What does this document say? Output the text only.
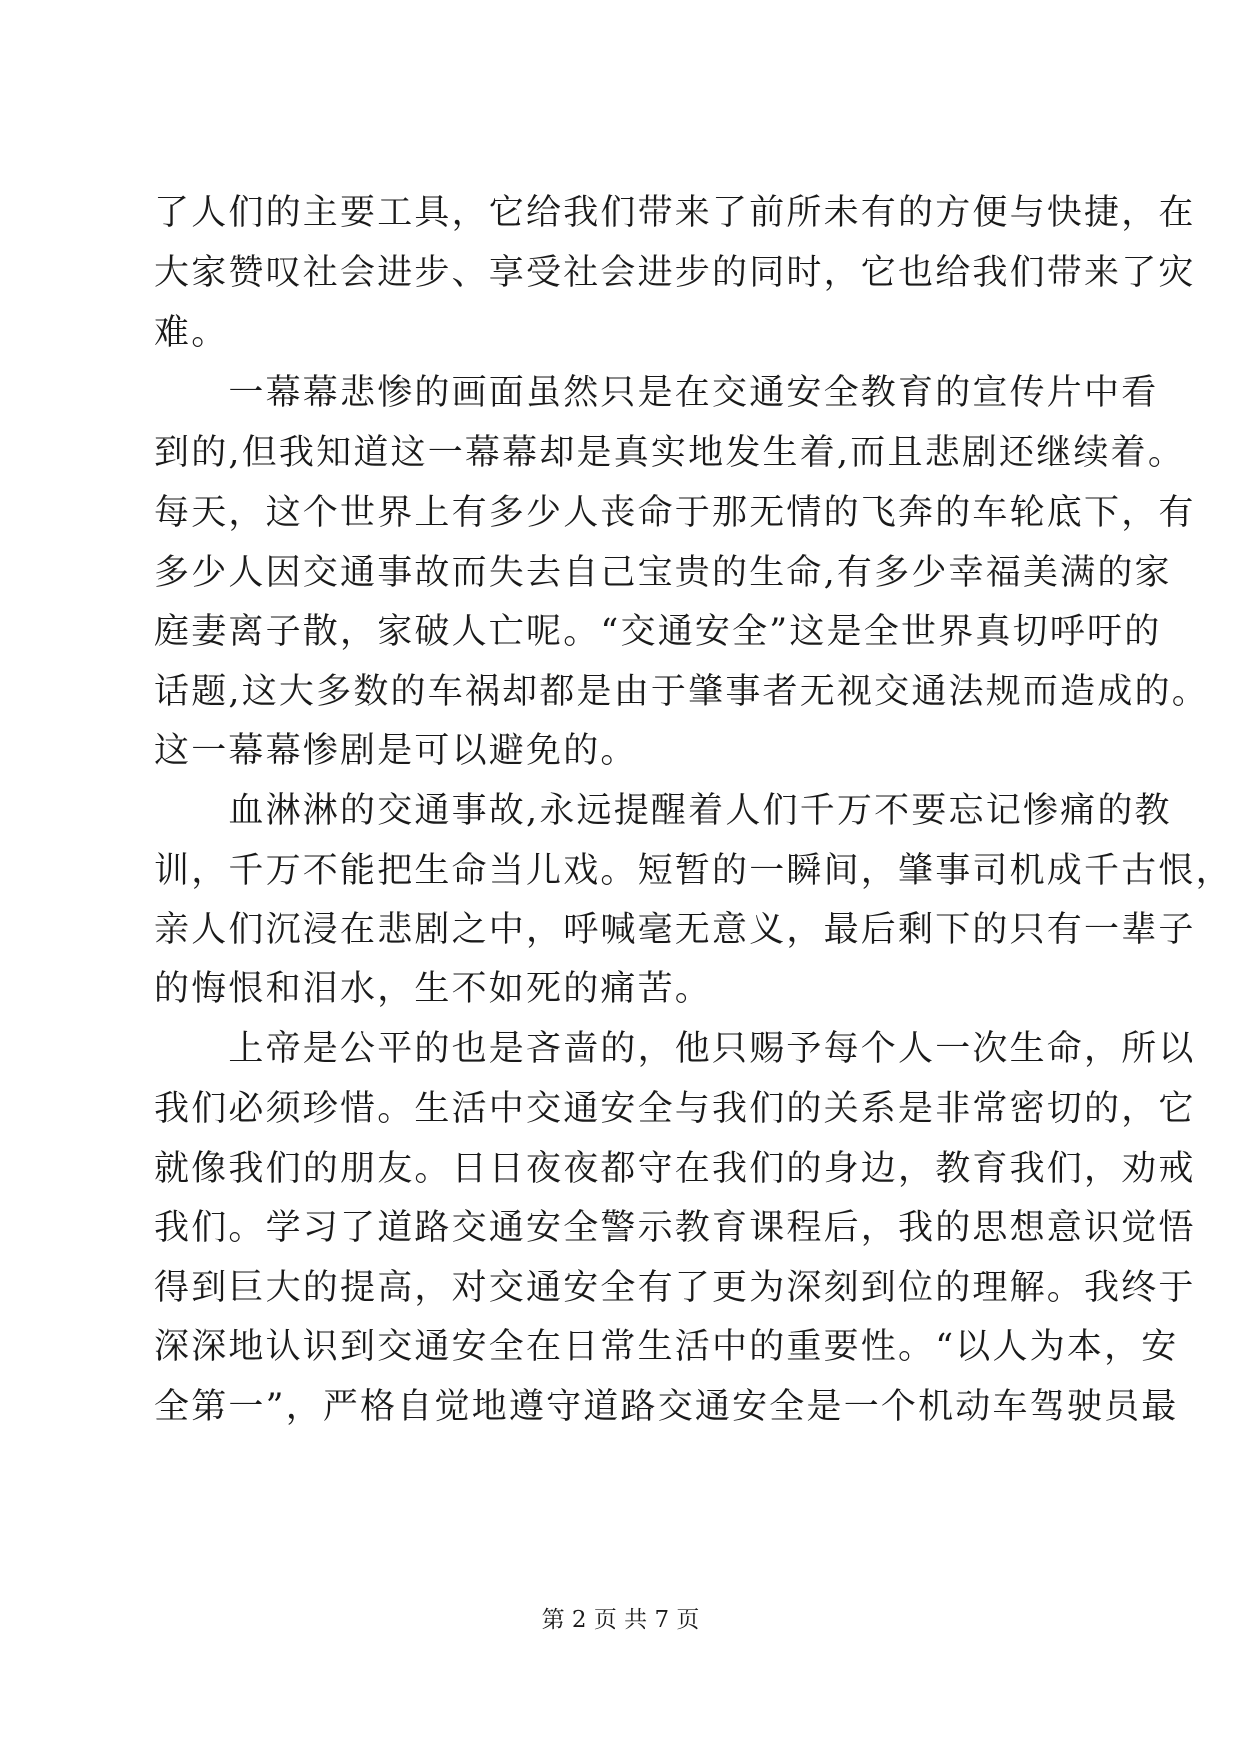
了人们的主要工具，它给我们带来了前所未有的方便与快捷，在
大家赞叹社会进步、享受社会进步的同时，它也给我们带来了灾
难。
　　一幕幕悲惨的画面虽然只是在交通安全教育的宣传片中看
到的,但我知道这一幕幕却是真实地发生着,而且悲剧还继续着。
每天，这个世界上有多少人丧命于那无情的飞奔的车轮底下，有
多少人因交通事故而失去自己宝贵的生命,有多少幸福美满的家
庭妻离子散，家破人亡呢。“交通安全”这是全世界真切呼吁的
话题,这大多数的车祸却都是由于肇事者无视交通法规而造成的。
这一幕幕惨剧是可以避免的。
　　血淋淋的交通事故,永远提醒着人们千万不要忘记惨痛的教
训，千万不能把生命当儿戏。短暂的一瞬间，肇事司机成千古恨，
亲人们沉浸在悲剧之中，呼喊毫无意义，最后剩下的只有一辈子
的悔恨和泪水，生不如死的痛苦。
　　上帝是公平的也是吝啬的，他只赐予每个人一次生命，所以
我们必须珍惜。生活中交通安全与我们的关系是非常密切的，它
就像我们的朋友。日日夜夜都守在我们的身边，教育我们，劝戒
我们。学习了道路交通安全警示教育课程后，我的思想意识觉悟
得到巨大的提高，对交通安全有了更为深刻到位的理解。我终于
深深地认识到交通安全在日常生活中的重要性。“以人为本，安
全第一”，严格自觉地遵守道路交通安全是一个机动车驾驶员最
第 2 页 共 7 页
